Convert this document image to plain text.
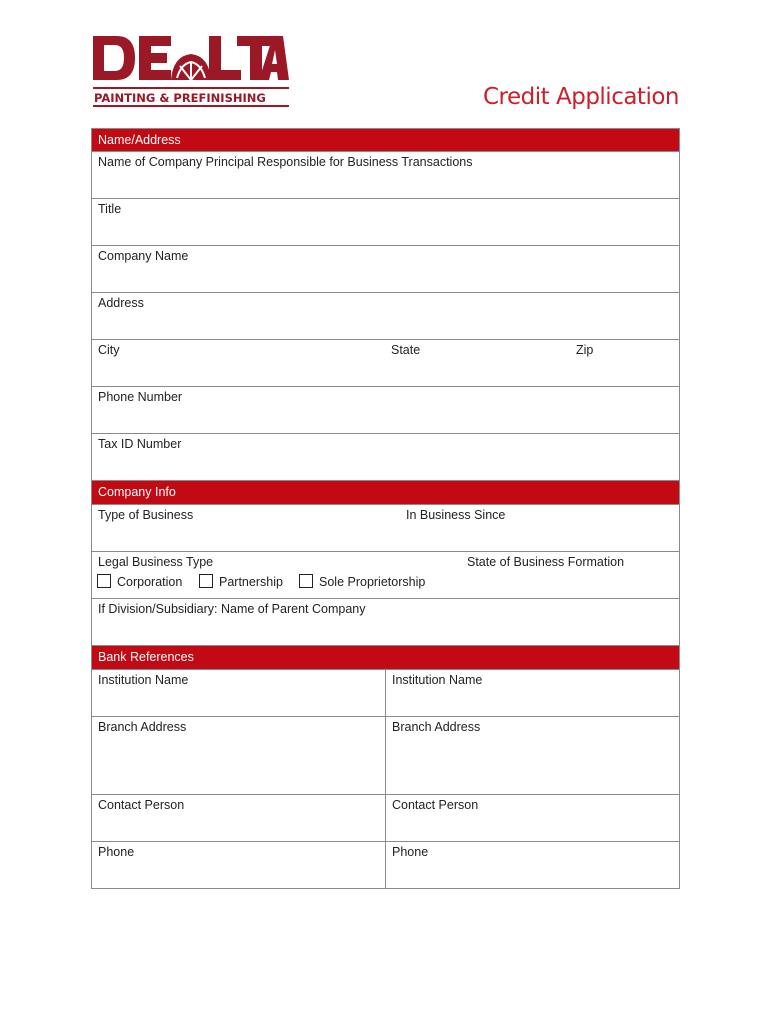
PAINTING & PREFINISHING	Credit Application
Name/Address
Name of Company Principal Responsible for Business Transactions
Title
Company Name
Address
City	State	Zip
Phone Number
Tax ID Number
Company Info
Type of Business	In Business Since
Legal Business Type	State of Business Formation
Corporation	Partnership	Sole Proprietorship
If Division/Subsidiary: Name of Parent Company
Bank References
Institution Name	Institution Name
Branch Address	Branch Address
Contact Person	Contact Person
Phone	Phone
